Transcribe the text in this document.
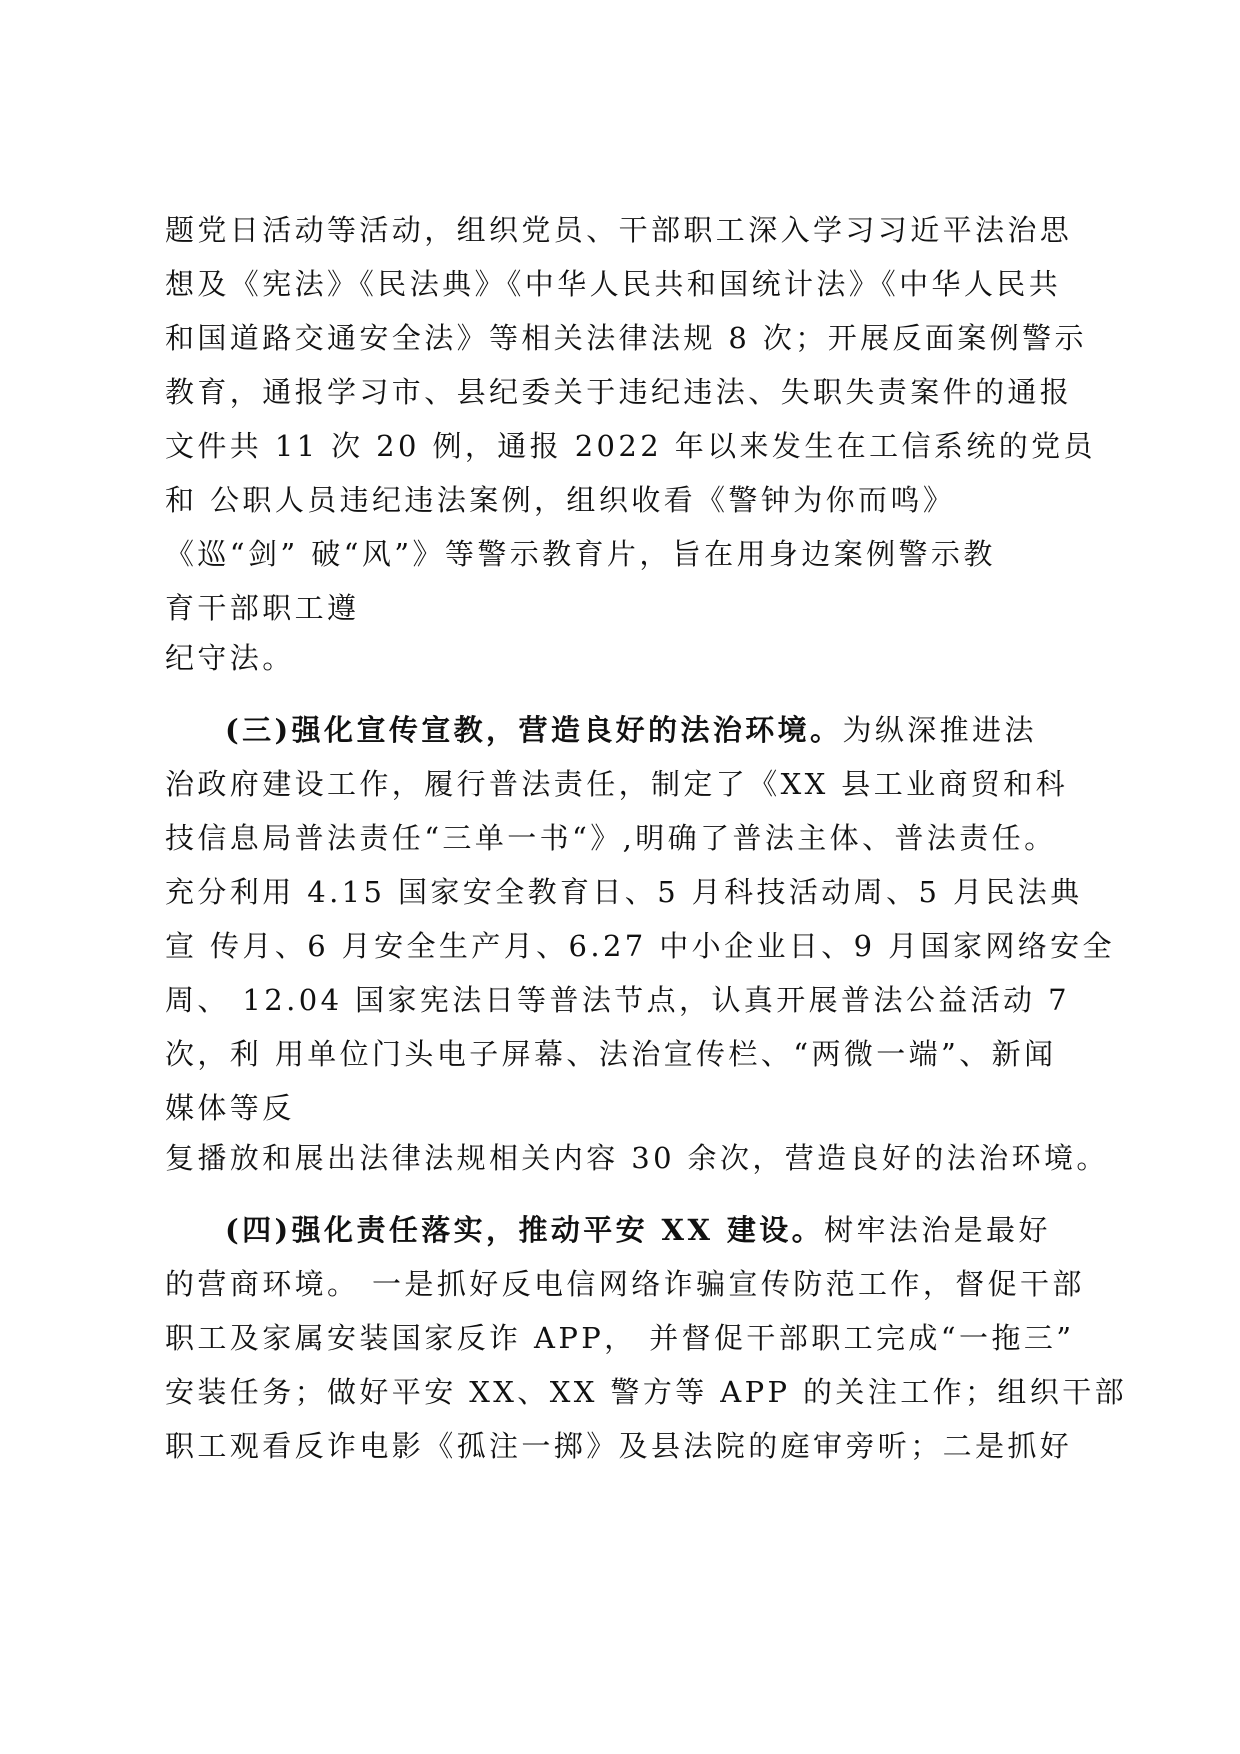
题党日活动等活动，组织党员、干部职工深入学习习近平法治思
想及《宪法》《民法典》《中华人民共和国统计法》《中华人民共
和国道路交通安全法》等相关法律法规 8 次；开展反面案例警示
教育，通报学习市、县纪委关于违纪违法、失职失责案件的通报
文件共 11 次 20 例，通报 2022 年以来发生在工信系统的党员
和 公职人员违纪违法案例，组织收看《警钟为你而鸣》
《巡“剑” 破“风”》等警示教育片，旨在用身边案例警示教
育干部职工遵
纪守法。
(三)强化宣传宣教，营造良好的法治环境。为纵深推进法
治政府建设工作，履行普法责任，制定了《XX 县工业商贸和科
技信息局普法责任“三单一书“》,明确了普法主体、普法责任。
充分利用 4.15 国家安全教育日、5 月科技活动周、5 月民法典
宣 传月、6 月安全生产月、6.27 中小企业日、9 月国家网络安全
周、 12.04 国家宪法日等普法节点，认真开展普法公益活动 7
次，利 用单位门头电子屏幕、法治宣传栏、“两微一端”、新闻
媒体等反
复播放和展出法律法规相关内容 30 余次，营造良好的法治环境。
(四)强化责任落实，推动平安 XX 建设。树牢法治是最好
的营商环境。 一是抓好反电信网络诈骗宣传防范工作，督促干部
职工及家属安装国家反诈 APP， 并督促干部职工完成“一拖三”
安装任务；做好平安 XX、XX 警方等 APP 的关注工作；组织干部
职工观看反诈电影《孤注一掷》及县法院的庭审旁听；二是抓好
